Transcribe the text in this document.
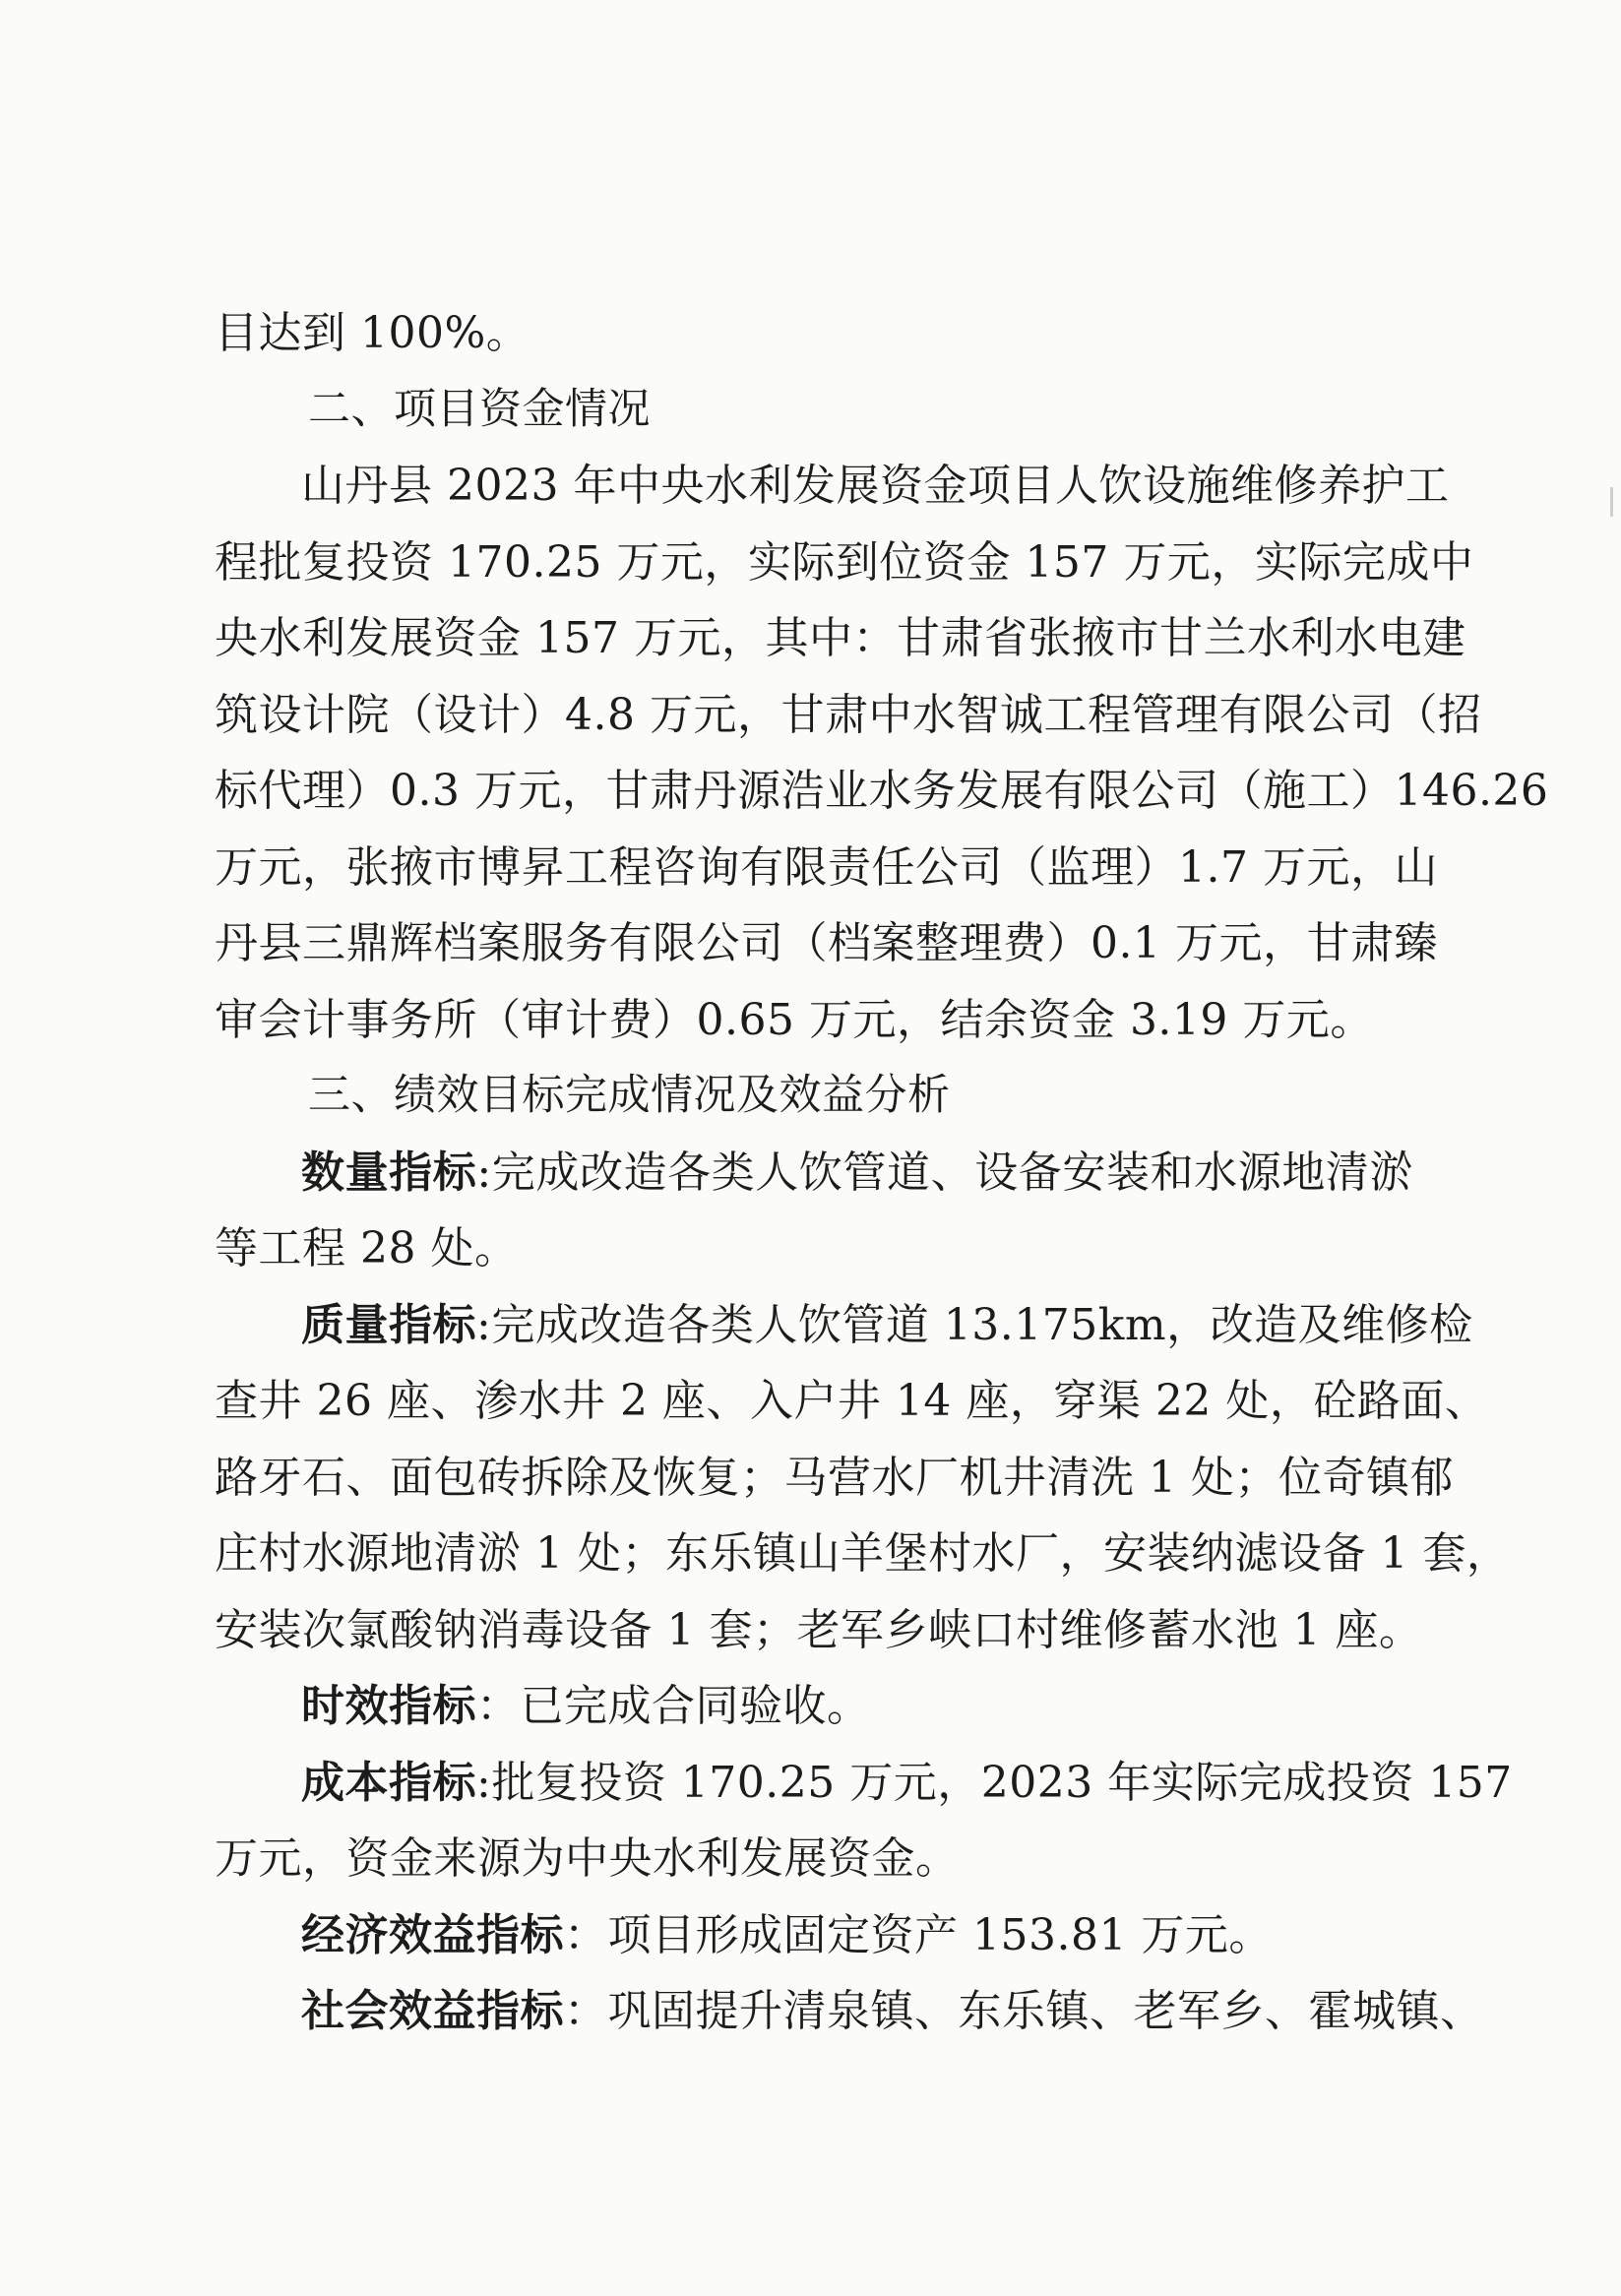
目达到 100%。
二、项目资金情况
山丹县 2023 年中央水利发展资金项目人饮设施维修养护工
程批复投资 170.25 万元，实际到位资金 157 万元，实际完成中
央水利发展资金 157 万元，其中：甘肃省张掖市甘兰水利水电建
筑设计院（设计）4.8 万元，甘肃中水智诚工程管理有限公司（招
标代理）0.3 万元，甘肃丹源浩业水务发展有限公司（施工）146.26
万元，张掖市博昇工程咨询有限责任公司（监理）1.7 万元，山
丹县三鼎辉档案服务有限公司（档案整理费）0.1 万元，甘肃臻
审会计事务所（审计费）0.65 万元，结余资金 3.19 万元。
三、绩效目标完成情况及效益分析
数量指标:完成改造各类人饮管道、设备安装和水源地清淤
等工程 28 处。
质量指标:完成改造各类人饮管道 13.175km，改造及维修检
查井 26 座、渗水井 2 座、入户井 14 座，穿渠 22 处，砼路面、
路牙石、面包砖拆除及恢复；马营水厂机井清洗 1 处；位奇镇郁
庄村水源地清淤 1 处；东乐镇山羊堡村水厂，安装纳滤设备 1 套，
安装次氯酸钠消毒设备 1 套；老军乡峡口村维修蓄水池 1 座。
时效指标：已完成合同验收。
成本指标:批复投资 170.25 万元，2023 年实际完成投资 157
万元，资金来源为中央水利发展资金。
经济效益指标：项目形成固定资产 153.81 万元。
社会效益指标：巩固提升清泉镇、东乐镇、老军乡、霍城镇、
